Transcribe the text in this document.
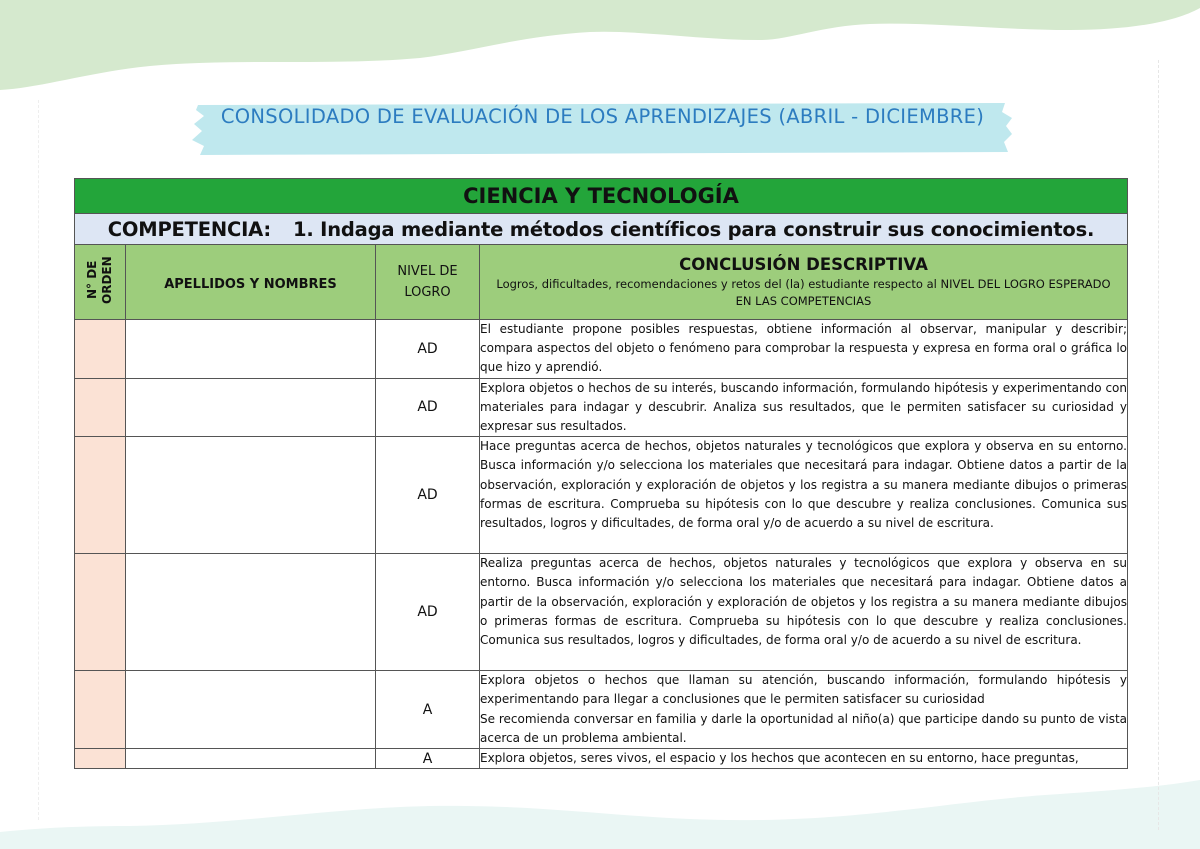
CONSOLIDADO DE EVALUACIÓN DE LOS APRENDIZAJES (ABRIL - DICIEMBRE)
CIENCIA Y TECNOLOGÍA			
COMPETENCIA: 1. Indaga mediante métodos científicos para construir sus conocimientos.			
N° DE ORDEN	APELLIDOS Y NOMBRES	NIVEL DE LOGRO	CONCLUSIÓN DESCRIPTIVA
Logros, dificultades, recomendaciones y retos del (la) estudiante respecto al NIVEL DEL LOGRO ESPERADO EN LAS COMPETENCIAS

		AD	El estudiante propone posibles respuestas, obtiene información al observar, manipular y describir; compara aspectos del objeto o fenómeno para comprobar la respuesta y expresa en forma oral o gráfica lo que hizo y aprendió.

		AD	Explora objetos o hechos de su interés, buscando información, formulando hipótesis y experimentando con materiales para indagar y descubrir. Analiza sus resultados, que le permiten satisfacer su curiosidad y expresar sus resultados.

		AD	Hace preguntas acerca de hechos, objetos naturales y tecnológicos que explora y observa en su entorno. Busca información y/o selecciona los materiales que necesitará para indagar. Obtiene datos a partir de la observación, exploración y exploración de objetos y los registra a su manera mediante dibujos o primeras formas de escritura. Comprueba su hipótesis con lo que descubre y realiza conclusiones. Comunica sus resultados, logros y dificultades, de forma oral y/o de acuerdo a su nivel de escritura.

		AD	Realiza preguntas acerca de hechos, objetos naturales y tecnológicos que explora y observa en su entorno. Busca información y/o selecciona los materiales que necesitará para indagar. Obtiene datos a partir de la observación, exploración y exploración de objetos y los registra a su manera mediante dibujos o primeras formas de escritura. Comprueba su hipótesis con lo que descubre y realiza conclusiones. Comunica sus resultados, logros y dificultades, de forma oral y/o de acuerdo a su nivel de escritura.

		A	Explora objetos o hechos que llaman su atención, buscando información, formulando hipótesis y experimentando para llegar a conclusiones que le permiten satisfacer su curiosidad

Se recomienda conversar en familia y darle la oportunidad al niño(a) que participe dando su punto de vista acerca de un problema ambiental.

		A	Explora objetos, seres vivos, el espacio y los hechos que acontecen en su entorno, hace preguntas,
